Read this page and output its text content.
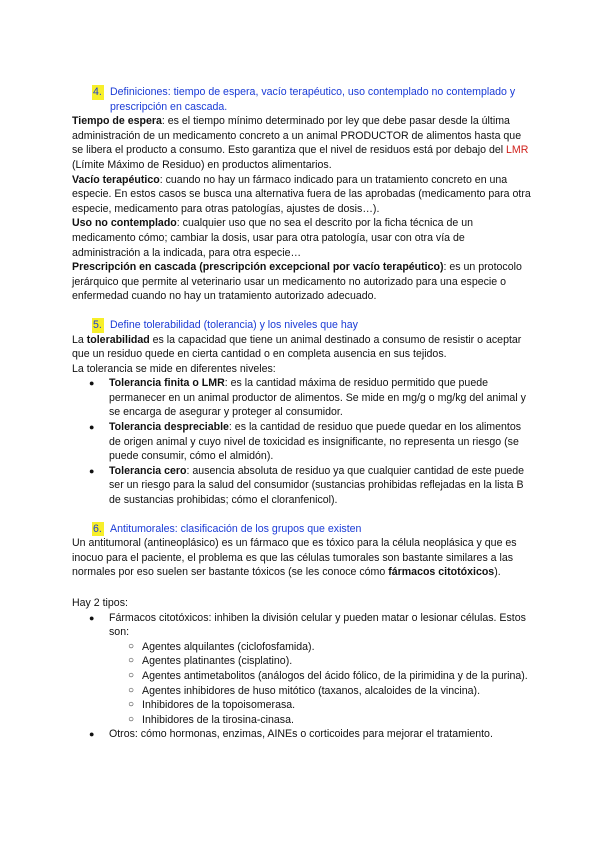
4. Definiciones: tiempo de espera, vacío terapéutico, uso contemplado no contemplado y prescripción en cascada.

Tiempo de espera: es el tiempo mínimo determinado por ley que debe pasar desde la última administración de un medicamento concreto a un animal PRODUCTOR de alimentos hasta que se libera el producto a consumo. Esto garantiza que el nivel de residuos está por debajo del LMR (Límite Máximo de Residuo) en productos alimentarios.

Vacío terapéutico: cuando no hay un fármaco indicado para un tratamiento concreto en una especie. En estos casos se busca una alternativa fuera de las aprobadas (medicamento para otra especie, medicamento para otras patologías, ajustes de dosis…).

Uso no contemplado: cualquier uso que no sea el descrito por la ficha técnica de un medicamento cómo; cambiar la dosis, usar para otra patología, usar con otra vía de administración a la indicada, para otra especie…

Prescripción en cascada (prescripción excepcional por vacío terapéutico): es un protocolo jerárquico que permite al veterinario usar un medicamento no autorizado para una especie o enfermedad cuando no hay un tratamiento autorizado adecuado.

5. Define tolerabilidad (tolerancia) y los niveles que hay

La tolerabilidad es la capacidad que tiene un animal destinado a consumo de resistir o aceptar que un residuo quede en cierta cantidad o en completa ausencia en sus tejidos.

La tolerancia se mide en diferentes niveles:

● Tolerancia finita o LMR: es la cantidad máxima de residuo permitido que puede permanecer en un animal productor de alimentos. Se mide en mg/g o mg/kg del animal y se encarga de asegurar y proteger al consumidor.
● Tolerancia despreciable: es la cantidad de residuo que puede quedar en los alimentos de origen animal y cuyo nivel de toxicidad es insignificante, no representa un riesgo (se puede consumir, cómo el almidón).
● Tolerancia cero: ausencia absoluta de residuo ya que cualquier cantidad de este puede ser un riesgo para la salud del consumidor (sustancias prohibidas reflejadas en la lista B de sustancias prohibidas; cómo el cloranfenicol).

6. Antitumorales: clasificación de los grupos que existen

Un antitumoral (antineoplásico) es un fármaco que es tóxico para la célula neoplásica y que es inocuo para el paciente, el problema es que las células tumorales son bastante similares a las normales por eso suelen ser bastante tóxicos (se les conoce cómo fármacos citotóxicos).

Hay 2 tipos:

● Fármacos citotóxicos: inhiben la división celular y pueden matar o lesionar células. Estos son:
○ Agentes alquilantes (ciclofosfamida).
○ Agentes platinantes (cisplatino).
○ Agentes antimetabolitos (análogos del ácido fólico, de la pirimidina y de la purina).
○ Agentes inhibidores de huso mitótico (taxanos, alcaloides de la vincina).
○ Inhibidores de la topoisomerasa.
○ Inhibidores de la tirosina-cinasa.
● Otros: cómo hormonas, enzimas, AINEs o corticoides para mejorar el tratamiento.
